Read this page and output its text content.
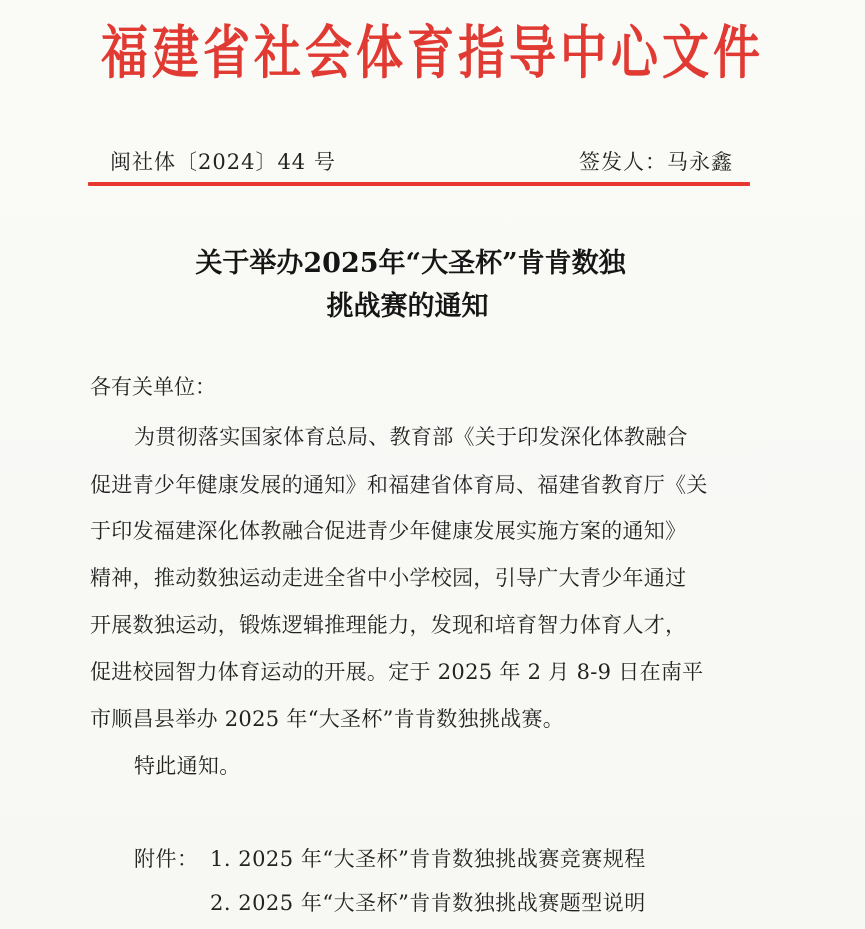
福建省社会体育指导中心文件
闽社体〔2024〕44 号	签发人：马永鑫
关于举办2025年“大圣杯”肯肯数独
挑战赛的通知
各有关单位：
为贯彻落实国家体育总局、教育部《关于印发深化体教融合
促进青少年健康发展的通知》和福建省体育局、福建省教育厅《关
于印发福建深化体教融合促进青少年健康发展实施方案的通知》
精神，推动数独运动走进全省中小学校园，引导广大青少年通过
开展数独运动，锻炼逻辑推理能力，发现和培育智力体育人才，
促进校园智力体育运动的开展。定于 2025 年 2 月 8-9 日在南平
市顺昌县举办 2025 年“大圣杯”肯肯数独挑战赛。
特此通知。
附件： 1. 2025 年“大圣杯”肯肯数独挑战赛竞赛规程
2. 2025 年“大圣杯”肯肯数独挑战赛题型说明
